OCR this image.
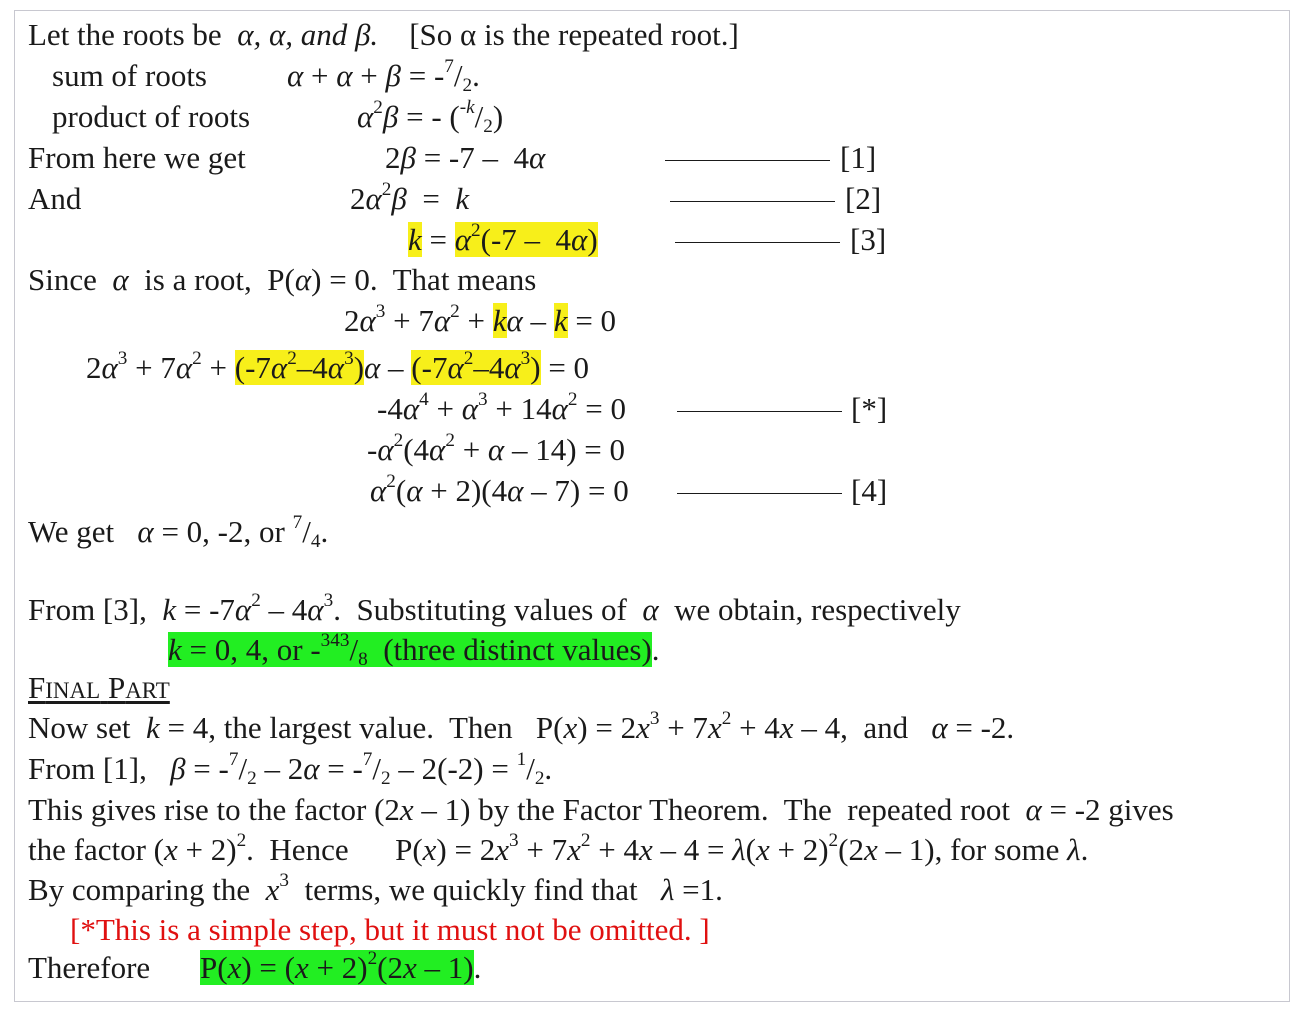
Let the roots be α, α, and β. [So α is the repeated root.]
sum of roots	$\alpha + \alpha + \beta = -^7/_2$.
product of roots	$\alpha^2\beta$ = - $(^{-k}/_2)$
From here we get	2β = -7 –  4α	[1]
And	$2\alpha^2\beta = k$	[2]
$k = \alpha^2(-7 - 4\alpha)$	[3]
Since  α  is a root,  P(α) = 0.  That means
$2\alpha^3 + 7\alpha^2 + k\alpha - k = 0$
$2\alpha^3 + 7\alpha^2 + (-7\alpha^2-4\alpha^3)\alpha - (-7\alpha^2-4\alpha^3) = 0$
$-4\alpha^4 + \alpha^3 + 14\alpha^2 = 0$	[*]
$-\alpha^2(4\alpha^2 + \alpha - 14) = 0$
$\alpha^2(\alpha + 2)(4\alpha - 7) = 0$	[4]
We get   α = 0, -2, or $^7/_4$.
From [3],  $k = -7\alpha^2 - 4\alpha^3$.  Substituting values of  α  we obtain, respectively
k = 0, 4, or $-^{343}/_8$  (three distinct values).
FINAL PART
Now set  k = 4, the largest value.  Then   $P(x) = 2x^3 + 7x^2 + 4x - 4$,  and   α = -2.
From [1],   $\beta = -^7/_2 - 2\alpha = -^7/_2 - 2(-2) = ^1/_2$.
This gives rise to the factor (2x – 1) by the Factor Theorem.  The  repeated root  α = -2 gives
the factor $(x + 2)^2$.  Hence      $P(x) = 2x^3 + 7x^2 + 4x - 4 = \lambda(x + 2)^2(2x - 1)$, for some λ.
By comparing the  $x^3$  terms, we quickly find that   λ =1.
[*This is a simple step, but it must not be omitted. ]
Therefore $P(x) = (x + 2)^2(2x - 1)$.
